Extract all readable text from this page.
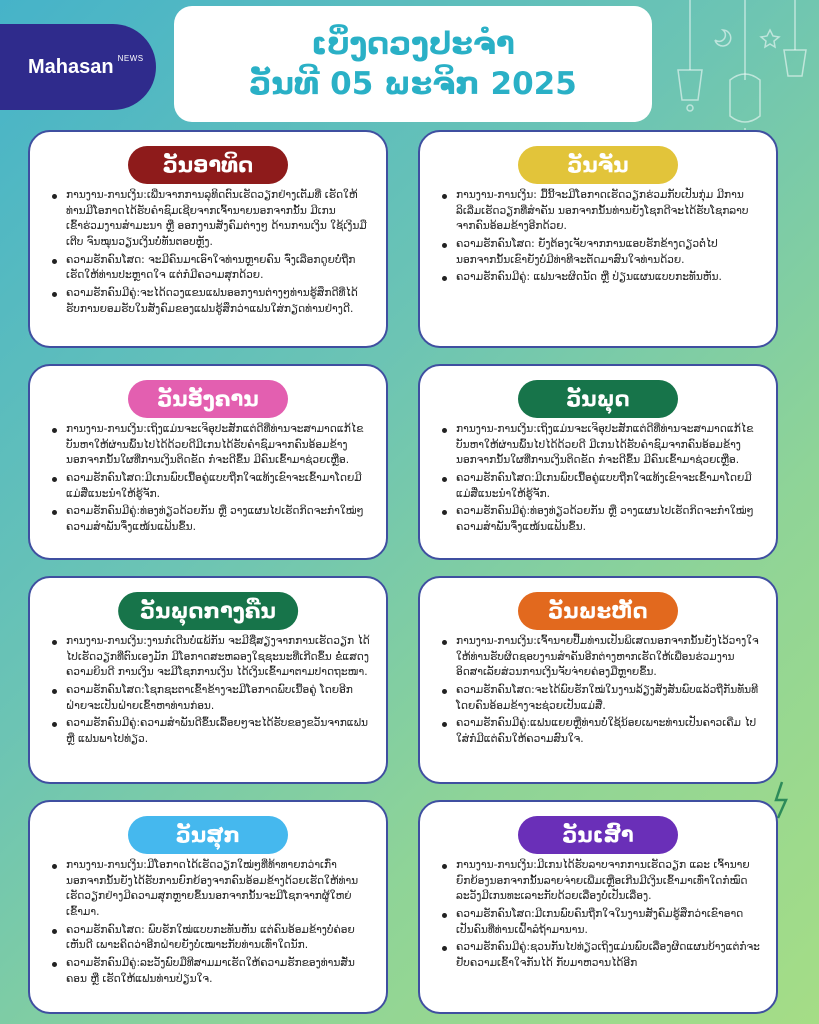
Mahasan NEWS	ເບິ່ງດວງປະຈຳ
ວັນທີ 05 ພະຈິກ 2025
ວັນອາທິດ
ການງານ-ການເງິນ:ເພີ່ນຈາກການລຸທິດຕົນເຮັດວຽກຢ່າງເຕັມທີ່ ເຮັດໃຫ້ທ່ານມີໂອກາດໄດ້ຮັບຄຳຊົມເຊີຍຈາກເຈົ້ານາຍນອກຈາກນັ້ນ ມີເກນເຂົ້າຮ່ວມງານສຳມະນາ ຫຼື ອອກງານສັງຄົມຕ່າງໆ ດ້ານການເງິນ ໃຊ້ເງິນມືເຕີບ ຈົນໝຸນວຽນເງິນບໍ່ທັນຕອບຫຼັງ.
ຄວາມຮັກຄົນໂສດ: ຈະມີຄົນມາເອົາໃຈທ່ານຫຼາຍຄົນ ຈົ່ງເລືອກດູຍບໍ່ຖືກ ເຮັດໃຫ້ທ່ານປະຫຼາດໃຈ ແຕ່ກໍມີຄວາມສຸກດ້ວຍ.
ຄວາມຮັກຄົນມີຄູ່:ຈະໄດ້ດວງແຂນແຟນອອກງານຕ່າງໆທ່ານຮູ້ສຶກດີທີ່ໄດ້ຮັບການຍອມຮັບໃນສັງຄົມຂອງແຟນຮູ້ສຶກວ່າແຟນໃສ່ກຽດທ່ານຢ່າງດີ.
ວັນຈັນ
ການງານ-ການເງິນ: ມື້ນີ້ຈະມີໂອກາດເຮັດວຽກຮ່ວມກັບເປັນກຸ່ມ ມີການລິເລີ່ມເຮັດວຽກທີ່ສຳຄັນ ນອກຈາກນັ້ນທ່ານຍັງໂຊກດີຈະໄດ້ຮັບໂຊກລາບຈາກຄົນອ້ອມຂ້າງອີກດ້ວຍ.
ຄວາມຮັກຄົນໂສດ: ຍັງຕ້ອງເຈັບຈາກການແອບຮັກຂ້າງດຽວຕໍ່ໄປ ນອກຈາກນັ້ນເຂົາຍັງບໍ່ມີທ່າທີຈະຕັດມາສົນໃຈທ່ານດ້ວຍ.
ຄວາມຮັກຄົນມີຄູ່: ແຟນຈະຜິດນັດ ຫຼື ປ່ຽນແຜນແບບກະທັນຫັນ.
ວັນອັງຄານ
ການງານ-ການເງິນ:ເຖິງແມ່ນຈະເຈິອຸປະສັກແຕ່ດີທີ່ທ່ານຈະສາມາດແກ້ໄຂບັນຫາໃຫ້ຜ່ານພົ້ນໄປໄດ້ດ້ວຍດີມີເກນໄດ້ຮັບຄຳຊົມຈາກຄົນອ້ອມຂ້າງ ນອກຈາກນັ້ນໃຜທີ່ການເງິນຕິດຂັດ ກໍຈະດີຂຶ້ນ ມີຄົນເຂົ້າມາຊ່ວຍເຫຼືອ.
ຄວາມຮັກຄົນໂສດ:ມີເກນພົບເນື້ອຄູ່ແບບຖືກໃຈແທ້ງເຂົາຈະເຂົ້າມາໂດຍມີແມ່ສື່ແນະນຳໃຫ້ຮູ້ຈັກ.
ຄວາມຮັກຄົນມີຄູ່:ທ່ອງທ່ຽວດ້ວຍກັນ ຫຼື ວາງແຜນໄປເຮັດກິດຈະກຳໃໝ່ໆ ຄວາມສຳພັນຈຶ່ງແໜ້ນແຟ້ນຂຶ້ນ.
ວັນພຸດ
ການງານ-ການເງິນ:ເຖິງແມ່ນຈະເຈິອຸປະສັກແຕ່ດີທີ່ທ່ານຈະສາມາດແກ້ໄຂບັນຫາໃຫ້ຜ່ານພົ້ນໄປໄດ້ດ້ວຍດີ ມີເກນໄດ້ຮັບຄຳຊົມຈາກຄົນອ້ອມຂ້າງ ນອກຈາກນັ້ນໃຜທີ່ການເງິນຕິດຂັດ ກໍຈະດີຂຶ້ນ ມີຄົນເຂົ້າມາຊ່ວຍເຫຼືອ.
ຄວາມຮັກຄົນໂສດ:ມີເກນພົບເນື້ອຄູ່ແບບຖືກໃຈແທ້ງເຂົາຈະເຂົ້າມາໂດຍມີແມ່ສື່ແນະນຳໃຫ້ຮູ້ຈັກ.
ຄວາມຮັກຄົນມີຄູ່:ທ່ອງທ່ຽວດ້ວຍກັນ ຫຼື ວາງແຜນໄປເຮັດກິດຈະກຳໃໝ່ໆ ຄວາມສຳພັນຈຶ່ງແໜ້ນແຟ້ນຂຶ້ນ.
ວັນພຸດກາງຄືນ
ການງານ-ການເງິນ:ງານກໍເດີນບໍ່ແພ້ກັນ ຈະມີຊື່ສຽງຈາກການເຮັດວຽກ ໄດ້ໄປເຮັດວຽກທີ່ຕົນເອງມັກ ມີໂອກາດສະຫລອງໃຊຊະນະທີ່ເກີດຂຶ້ນ ຂໍ່ແສດງຄວາມຍິນດີ ການເງິນ ຈະມີໂຊກການເງິນ ໄດ້ເງິນເຂົ້າມາຕາມປາດຖະໜາ.
ຄວາມຮັກຄົນໂສດ:ໂຊກຊະຕາເຂົ້າຂ້າງຈະມີໂອກາດພົບເນື້ອຄູ່ ໂດຍອີກຝ່າຍຈະເປັນຝ່າຍເຂົ້າຫາທ່ານກ່ອນ.
ຄວາມຮັກຄົນມີຄູ່:ຄວາມສຳພັນດີຂຶ້ນເລື້ອຍໆຈະໄດ້ຮັບຂອງຂວັນຈາກແຟນ ຫຼື ແຟນພາໄປທ່ຽວ.
ວັນພະຫັດ
ການງານ-ການເງິນ:ເຈົ້ານາຍປື້ມທ່ານເປັນພິເສດນອກຈາກນັ້ນຍັງໄວ້ວາງໃຈໃຫ້ທ່ານຮັບຜິດຊອບງານສຳຄັນອີກຕ່າງຫາກເຮັດໃຫ້ເພື່ອນຮ່ວມງານອິດສາເລັຍສ່ວນການເງິນຈັບຈ່າຍຄ່ອງມືຫຼາຍຂຶ້ນ.
ຄວາມຮັກຄົນໂສດ:ຈະໄດ້ພົບຮັກໃໝ່ໃນງານລ້ຽງສັງສັນພົບແລ້ວຖືກັນທັນທີ ໂດຍຄົນອ້ອມຂ້າງຈະຊ່ວຍເປັນແມ່ສື່.
ຄວາມຮັກຄົນມີຄູ່:ແຟນແຍຍຫຼືທ່ານບໍ່ໃຊ້ນ້ອຍເພາະທ່ານເປັນຄາວເຄີ່ມ ໄປໃສ່ກໍມີແຕ່ຄົນໃຫ້ຄວາມສົນໃຈ.
ວັນສຸກ
ການງານ-ການເງິນ:ມີໂອກາດໄດ້ເຮັດວຽກໃໝ່ໆທີ່ທ້າທາຍກວ່າເກົ່ານອກຈາກນັ້ນຍັງໄດ້ຮັບການຍົກຍ້ອງຈາກຄົນອ້ອມຂ້າງດ້ວຍເຮັດໃຫ້ທ່ານເຮັດວຽກຢ່າງມີຄວາມສຸກຫຼາຍຂຶ້ນນອກຈາກນັ້ນຈະມີໂຊກຈາກຜູ້ໃຫຍ່ເຂົ້າມາ.
ຄວາມຮັກຄົນໂສດ: ພົບຮັກໃໝ່ແບບກະທັນຫັນ ແຕ່ຄົນອ້ອມຂ້າງບໍ່ຄ່ອຍເຫັນດີ ເພາະຄິດວ່າອີກຝ່າຍຍັງບໍ່ເໝາະກັບທ່ານເທົ່າໃດນັກ.
ຄວາມຮັກຄົນມີຄູ່:ລະວັງພົບມືທີສາມມາເຮັດໃຫ້ຄວາມຮັກຂອງທ່ານສັ່ນຄອນ ຫຼື ເຮັດໃຫ້ແຟນທ່ານປ່ຽນໃຈ.
ວັນເສົາ
ການງານ-ການເງິນ:ມີເກນໄດ້ຮັບລາບຈາກການເຮັດວຽກ ແລະ ເຈົ້ານາຍຍົກຍ້ອງນອກຈາກນັ້ນລາຍຈ່າຍເພີ່ມເຫຼືອເກີນມີເງິນເຂົ້າມາເທົ່າໃດກໍໝົດ ລະວັງມີເກນທະເລາະກັບດ້ວຍເລື່ອງບໍ່ເປັນເລື່ອງ.
ຄວາມຮັກຄົນໂສດ:ມີເກນພົບຄົນຖືກໃຈໃນງານສັງຄົມຮູ້ສຶກວ່າເຂົາອາດເປັນຄົນທີ່ທ່ານເຝົ້າລໍຖ້າມານານ.
ຄວາມຮັກຄົນມີຄູ່:ຊວນກັນໄປທ່ຽວເຖິງແມ່ນພົບເລື່ອງຜິດແຜນບ້າງແຕ່ກໍຈະຢັບຄວາມເຂົ້າໃຈກັນໄດ້ ກັບມາຫວານໄດ້ອີກ
